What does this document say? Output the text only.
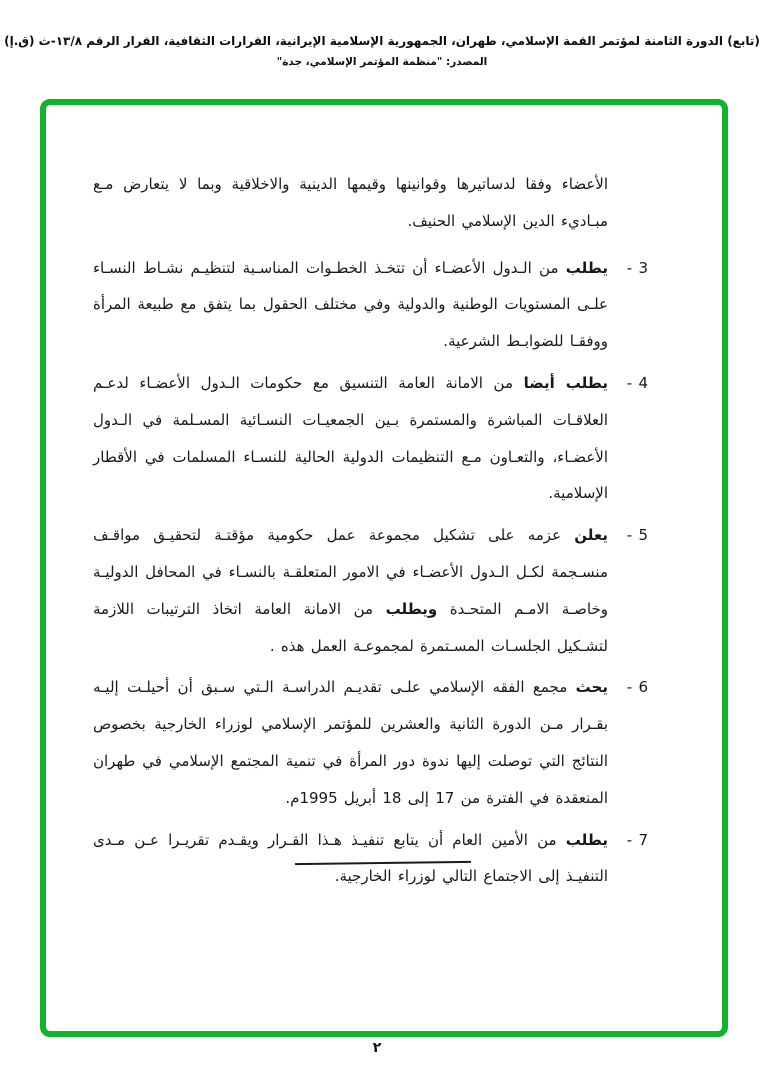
(تابع) الدورة الثامنة لمؤتمر القمة الإسلامي، طهران، الجمهورية الإسلامية الإيرانية، القرارات الثقافية، القرار الرقم ١٣/٨-ث (ق.إ)
المصدر: "منظمة المؤتمر الإسلامي، جدة"

الأعضاء وفقا لدساتيرها وقوانينها وقيمها الدينية والاخلاقية وبما لا يتعارض مـع مبـاديء الدين الإسلامي الحنيف.

3 -
يطلب من الـدول الأعضـاء أن تتخـذ الخطـوات المناسـبة لتنظيـم نشـاط النسـاء علـى المستويات الوطنية والدولية وفي مختلف الحقول بما يتفق مع طبيعة المرأة ووفقـا للضوابـط الشرعية.
4 -
يطلب أيضا من الامانة العامة التنسيق مع حكومات الـدول الأعضـاء لدعـم العلاقـات المباشرة والمستمرة بـين الجمعيـات النسـائية المسـلمة في الـدول الأعضـاء، والتعـاون مـع التنظيمات الدولية الحالية للنسـاء المسلمات في الأقطار الإسلامية.
5 -
يعلن عزمه على تشكيل مجموعة عمل حكومية مؤقتـة لتحقيـق مواقـف منسـجمة لكـل الـدول الأعضـاء في الامور المتعلقـة بالنسـاء في المحافل الدوليـة وخاصـة الامـم المتحـدة ويطلب من الامانة العامة اتخاذ الترتيبات اللازمة لتشـكيل الجلسـات المسـتمرة لمجموعـة العمل هذه .
6 -
يحث مجمع الفقه الإسلامي علـى تقديـم الدراسـة الـتي سـبق أن أحيلـت إليـه بقـرار مـن الدورة الثانية والعشرين للمؤتمر الإسلامي لوزراء الخارجية بخصوص النتائج التي توصلت إليها ندوة دور المرأة في تنمية المجتمع الإسلامي في طهران المنعقدة في الفترة من 17 إلى 18 أبريل 1995م.
7 -
يطلب من الأمين العام أن يتابع تنفيـذ هـذا القـرار ويقـدم تقريـرا عـن مـدى التنفيـذ إلى الاجتماع التالي لوزراء الخارجية.
٢
